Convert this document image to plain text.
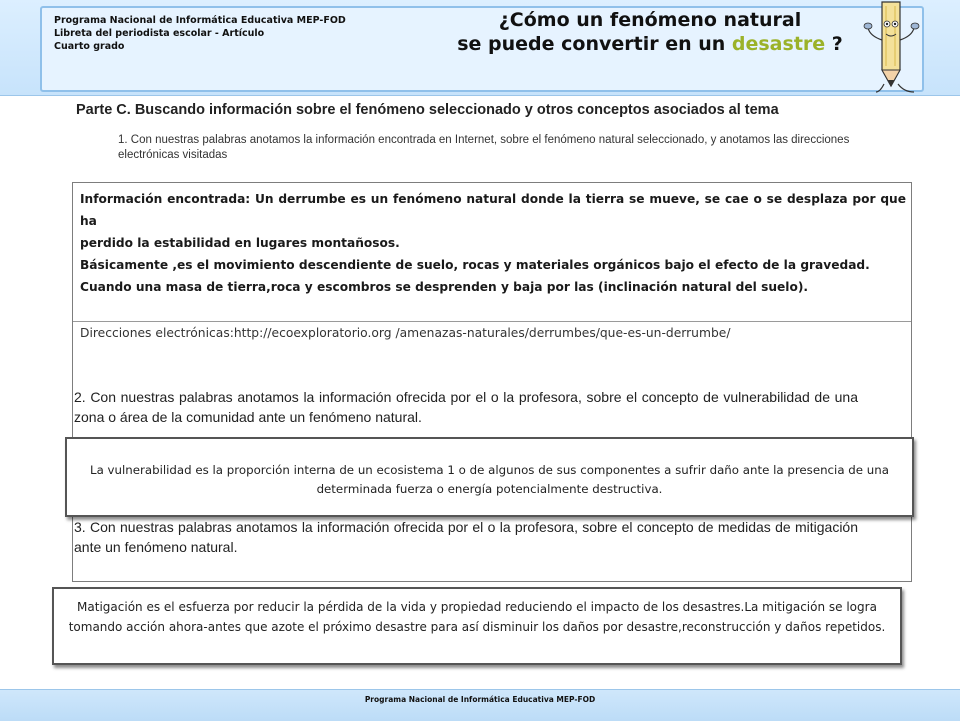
Programa Nacional de Informática Educativa MEP-FOD
Libreta del periodista escolar - Artículo
Cuarto grado
¿Cómo un fenómeno natural
se puede convertir en un desastre ?
Parte C. Buscando información sobre el fenómeno seleccionado y otros conceptos asociados al tema
1. Con nuestras palabras anotamos la información encontrada en Internet, sobre el fenómeno natural seleccionado, y anotamos las direcciones electrónicas visitadas

Información encontrada: Un derrumbe es un fenómeno natural donde la tierra se mueve, se cae o se desplaza por que ha

perdido la estabilidad en lugares montañosos.

Básicamente ,es el movimiento descendiente de suelo, rocas y materiales orgánicos bajo el efecto de la gravedad.

Cuando una masa de tierra,roca y escombros se desprenden y baja por las (inclinación natural del suelo).

Direcciones electrónicas:http://ecoexploratorio.org /amenazas-naturales/derrumbes/que-es-un-derrumbe/
2. Con nuestras palabras anotamos la información ofrecida por el o la profesora, sobre el concepto de vulnerabilidad de una zona o área de la comunidad ante un fenómeno natural.
La vulnerabilidad es la proporción interna de un ecosistema 1 o de algunos de sus componentes a sufrir daño ante la presencia de una determinada fuerza o energía potencialmente destructiva.
3. Con nuestras palabras anotamos la información ofrecida por el o la profesora, sobre el concepto de medidas de mitigación ante un fenómeno natural.
Matigación es el esfuerza por reducir la pérdida de la vida y propiedad reduciendo el impacto de los desastres.La mitigación se logra tomando acción ahora-antes que azote el próximo desastre para así disminuir los daños por desastre,reconstrucción y daños repetidos.
Programa Nacional de Informática Educativa MEP-FOD
